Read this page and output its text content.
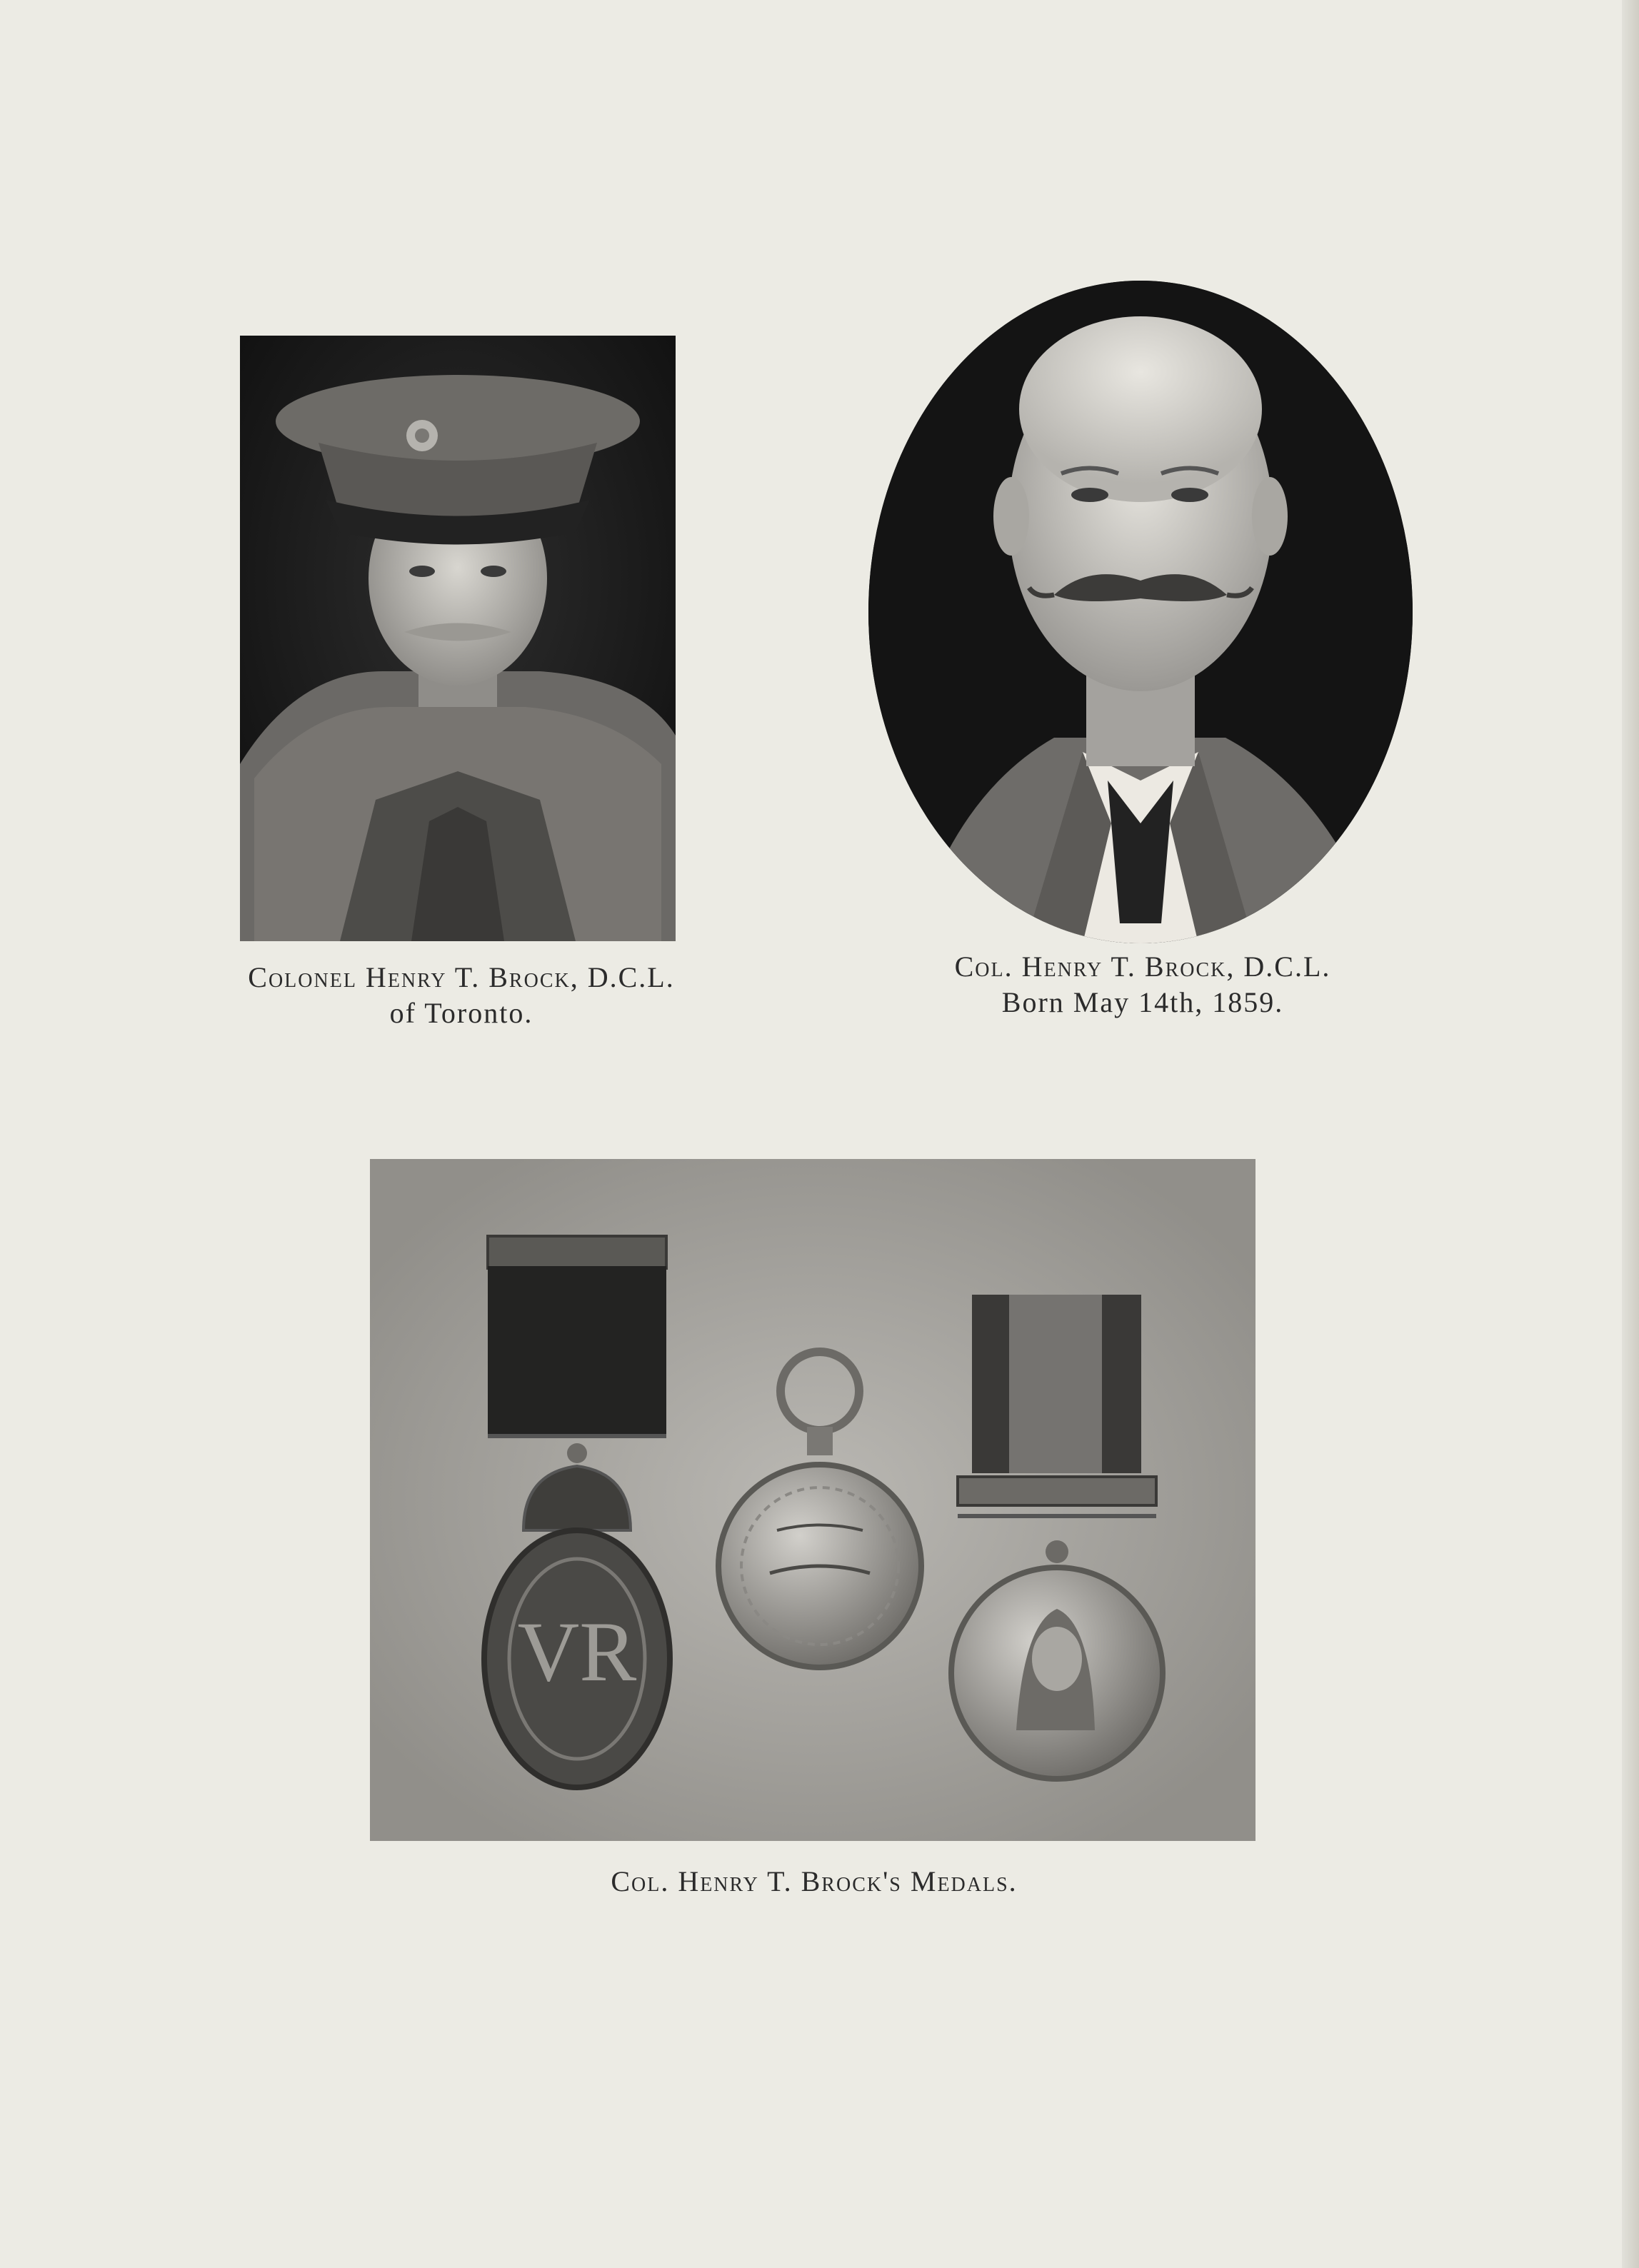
VR
Colonel Henry T. Brock, D.C.L.
of Toronto.
Col. Henry T. Brock, D.C.L.
Born May 14th, 1859.
Col. Henry T. Brock's Medals.
